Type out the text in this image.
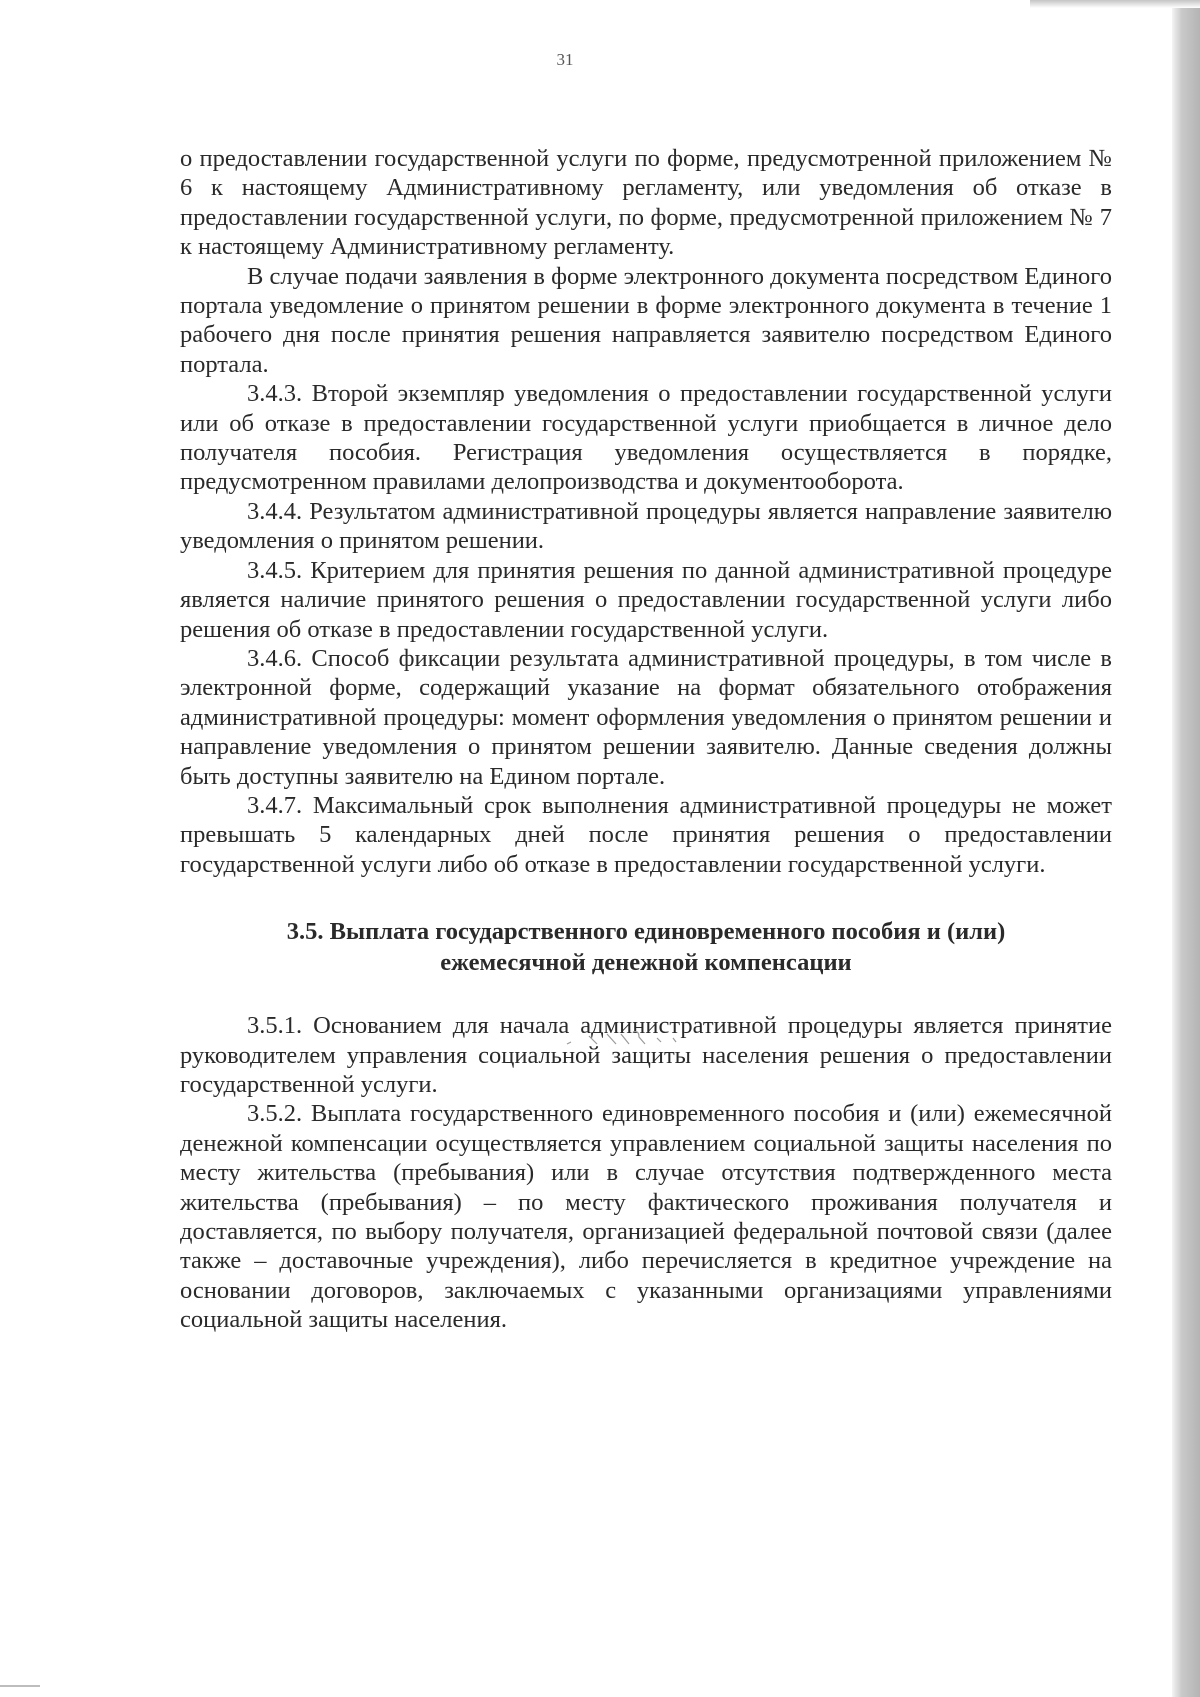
31

о предоставлении государственной услуги по форме, предусмотренной приложением № 6 к настоящему Административному регламенту, или уведомления об отказе в предоставлении государственной услуги, по форме, предусмотренной приложением № 7 к настоящему Административному регламенту.

В случае подачи заявления в форме электронного документа посредством Единого портала уведомление о принятом решении в форме электронного документа в течение 1 рабочего дня после принятия решения направляется заявителю посредством Единого портала.

3.4.3. Второй экземпляр уведомления о предоставлении государственной услуги или об отказе в предоставлении государственной услуги приобщается в личное дело получателя пособия. Регистрация уведомления осуществляется в порядке, предусмотренном правилами делопроизводства и документооборота.

3.4.4. Результатом административной процедуры является направление заявителю уведомления о принятом решении.

3.4.5. Критерием для принятия решения по данной административной процедуре является наличие принятого решения о предоставлении государственной услуги либо решения об отказе в предоставлении государственной услуги.

3.4.6. Способ фиксации результата административной процедуры, в том числе в электронной форме, содержащий указание на формат обязательного отображения административной процедуры: момент оформления уведомления о принятом решении и направление уведомления о принятом решении заявителю. Данные сведения должны быть доступны заявителю на Едином портале.

3.4.7. Максимальный срок выполнения административной процедуры не может превышать 5 календарных дней после принятия решения о предоставлении государственной услуги либо об отказе в предоставлении государственной услуги.

3.5. Выплата государственного единовременного пособия и (или)
ежемесячной денежной компенсации

3.5.1. Основанием для начала административной процедуры является принятие руководителем управления социальной защиты населения решения о предоставлении государственной услуги.

3.5.2. Выплата государственного единовременного пособия и (или) ежемесячной денежной компенсации осуществляется управлением социальной защиты населения по месту жительства (пребывания) или в случае отсутствия подтвержденного места жительства (пребывания) – по месту фактического проживания получателя и доставляется, по выбору получателя, организацией федеральной почтовой связи (далее также – доставочные учреждения), либо перечисляется в кредитное учреждение на основании договоров, заключаемых с указанными организациями управлениями социальной защиты населения.
